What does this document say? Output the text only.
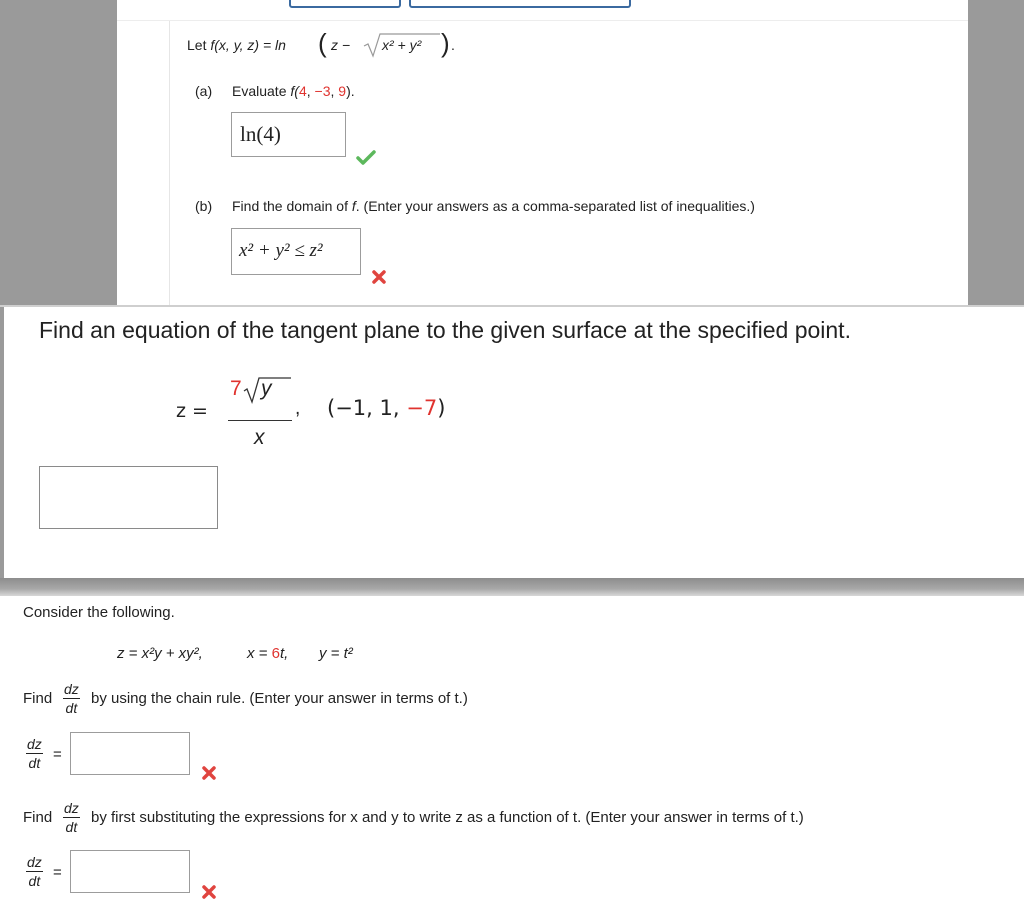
Let f(x, y, z) = ln ( z − x² + y² ) .
(a) Evaluate f(4, −3, 9).
ln(4)
(b) Find the domain of f. (Enter your answers as a comma-separated list of inequalities.)
x² + y² ≤ z²
Find an equation of the tangent plane to the given surface at the specified point.
z =
7 y
x
, (−1, 1, −7)
Consider the following.
z = x²y + xy²,	x = 6t, y = t²
Find
dz
dt
by using the chain rule. (Enter your answer in terms of t.)
dz
dt =
Find
dz
dt
by first substituting the expressions for x and y to write z as a function of t. (Enter your answer in terms of t.)
dz
dt =
